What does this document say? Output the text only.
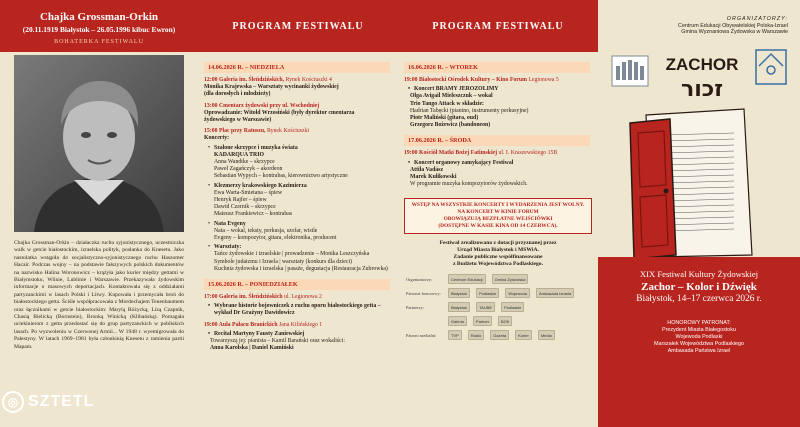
Chajka Grossman-Orkin
(20.11.1919 Białystok – 26.05.1996 kibuc Ewron)
BOHATERKA FESTIWALU

Chajka Grossman-Orkin – działaczka ruchu syjonistycznego, uczestniczka walk w getcie białostockim, izraelska polityk, posłanka do Knesetu. Jako nastolatka wstąpiła do socjalistyczno-syjonistycznego ruchu Haszomer Hacair. Podczas wojny – na podstawie fałszywych polskich dokumentów na nazwisko Halina Woronowicz – krążyła jako kurier między gettami w Białymstoku, Wilnie, Lublinie i Warszawie. Przekazywała żydowskim informacje o masowych deportacjach. Kontaktowała się z oddziałami partyzanckimi w lasach Polski i Litwy. Kupowała i przemycała broń do białostockiego getta. Ściśle współpracowała z Mordechajem Tenenbaumem oraz łącznikami w getcie białostockim: Marylą Różycką, Lizą Czapnik, Chasią Bielicką (Bornstein), Bronką Winicką (Klibańską). Pomagała uciekinierom z getta przedostać się do grup partyzanckich w pobliskich lasach. Po wyzwoleniu w Czerwonej Armii... W 1948 r. wyemigrowała do Palestyny. W latach 1969–1981 była członkinią Knesetu z ramienia partii Mapam.

◎ SZTETL
PROGRAM FESTIWALU
14.06.2026 R. – NIEDZIELA
12:00 Galeria im. Śleńdzińskich, Rynek Kościuszki 4
Monika Krajewska – Warsztaty wycinanki żydowskiej
(dla dorosłych i młodzieży)
13:00 Cmentarz żydowski przy ul. Wschodniej
Oprowadzanie: Witold Wrzosiński (były dyrektor cmentarza
żydowskiego w Warszawie)
15:00 Plac przy Ratuszu, Rynek Kościuszki
Koncerty:
• Szalone skrzypce i muzyka świata
KADARQUA TRIO
Anna Wandtke – skrzypce
Paweł Zagańczyk – akordeon
Sebastian Wypych – kontrabas, kierownictwo artystyczne
• Klezmerzy krakowskiego Kazimierza
Ewa Warta-Śmietana – śpiew
Henryk Rajfer – śpiew
Dawid Czernik – skrzypce
Mateusz Frankiewicz – kontrabas
• Nata Evgeny
Nata – wokal, teksty, perkusja, szofar, wistle
Evgeny – kompozytor, gitara, elektronika, producent
• Warsztaty:
Tańce żydowskie i izraelskie | prowadzenie – Monika Leszczyńska
Symbole judaizmu i Izraela | warsztaty (konkurs dla dzieci)
Kuchnia żydowska i izraelska | pasaże, degustacja (Restauracja Zubrowka)
15.06.2026 R. – PONIEDZIAŁEK
17:00 Galeria im. Śleńdzińskich ul. Legionowa 2
• Wybrane historie bojowniczek z ruchu oporu białostockiego getta – wykład Dr Grażyny Dawidowicz
19:00 Aula Pałacu Branickich Jana Kilińskiego 1
• Recital Martyny Fausty Zaniewskiej
Towarzyszą jej: pianista – Kamil Barański oraz wokaliści:
Anna Karolska | Daniel Kamiński
PROGRAM FESTIWALU
16.06.2026 R. – WTOREK
19:00 Białostocki Ośrodek Kultury – Kino Forum Legionowa 5
• Koncert BRAMY JEROZOLIMY
Olga Avigail Mieleszczuk – wokal
Trio Tango Attack w składzie:
Hadrian Tabęcki (pianino, instrumenty perkusyjne)
Piotr Maliński (gitara, oud)
Grzegorz Bożewicz (bandoneon)
17.06.2026 R. – ŚRODA
19:00 Kościół Matki Bożej Fatimskiej ul. I. Kraszewskiego 15B
• Koncert organowy zamykający Festiwal
Attila Vadász
Marek Kulikowski
W programie muzyka kompozytorów żydowskich.
WSTĘP NA WSZYSTKIE KONCERTY I WYDARZENIA JEST WOLNY.
NA KONCERT W KINIE FORUM
OBOWIĄZUJĄ BEZPŁATNE WEJŚCIÓWKI
(DOSTĘPNE W KASIE KINA OD 14 CZERWCA).
Festiwal zrealizowano z dotacji przyznanej przez
Urząd Miasta Białystok i MSWiA.
Zadanie publiczne współfinansowane
z Budżetu Województwa Podlaskiego.
Organizatorzy:	Centrum Edukacji	Gmina Żydowska
Patronat honorowy:	Białystok	Podlaskie	Wojewoda	Ambasada Izraela
Partnerzy:	Białystok	TAUBE	Podlaskie
Galeria	Partner	BOK
Patroni medialni:	TVP	Radio	Gazeta	Kurier	Media
ORGANIZATORZY:
Centrum Edukacji Obywatelskiej Polska-Izrael
Gmina Wyznaniowa Żydowska w Warszawie
ZACHOR
זכור
XIX Festiwal Kultury Żydowskiej
Zachor – Kolor i Dźwięk
Białystok, 14–17 czerwca 2026 r.
HONOROWY PATRONAT:
Prezydent Miasta Białegostoku
Wojewoda Podlaski
Marszałek Województwa Podlaskiego
Ambasada Państwa Izrael
